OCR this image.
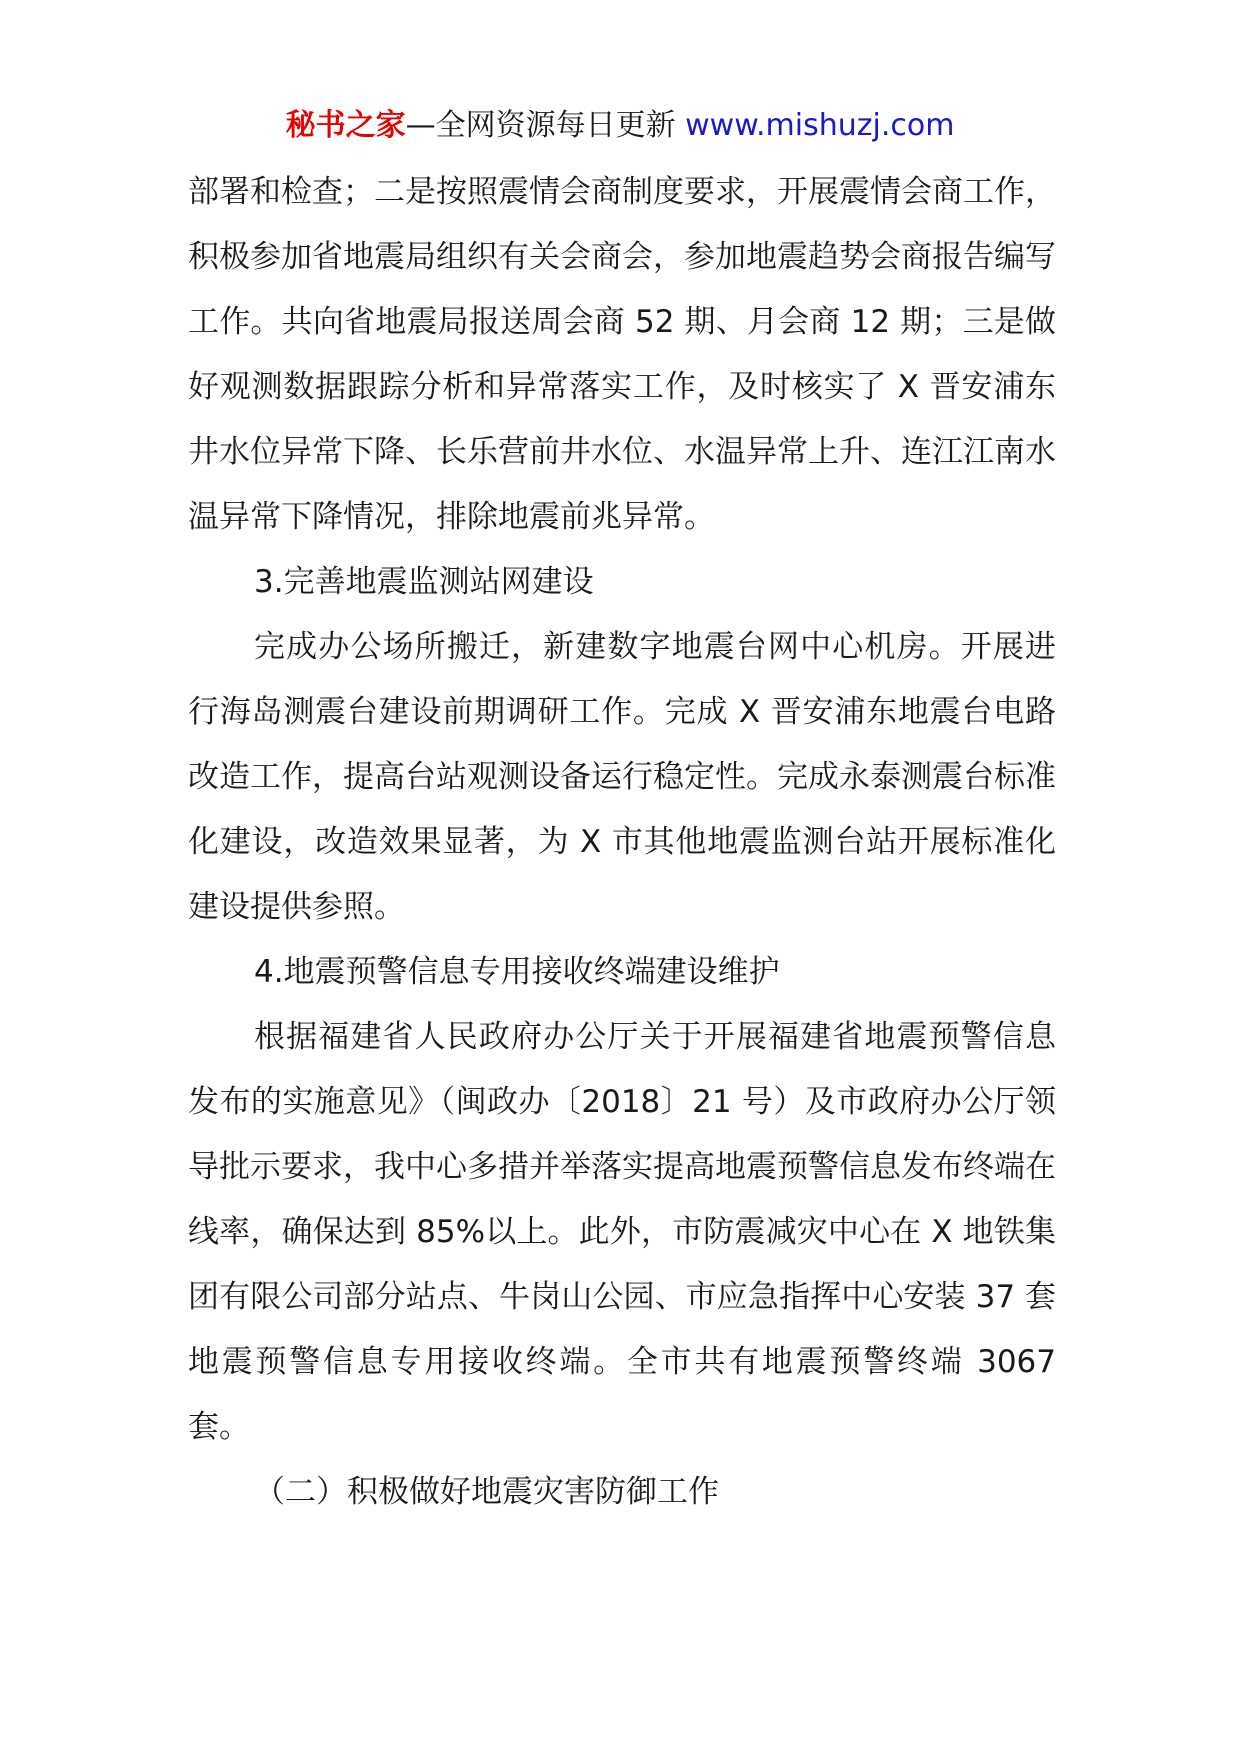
秘书之家—全网资源每日更新 www.mishuzj.com

部署和检查；二是按照震情会商制度要求，开展震情会商工作，积极参加省地震局组织有关会商会，参加地震趋势会商报告编写工作。共向省地震局报送周会商 52 期、月会商 12 期；三是做好观测数据跟踪分析和异常落实工作，及时核实了 X 晋安浦东井水位异常下降、长乐营前井水位、水温异常上升、连江江南水温异常下降情况，排除地震前兆异常。

3.完善地震监测站网建设

完成办公场所搬迁，新建数字地震台网中心机房。开展进行海岛测震台建设前期调研工作。完成 X 晋安浦东地震台电路改造工作，提高台站观测设备运行稳定性。完成永泰测震台标准化建设，改造效果显著，为 X 市其他地震监测台站开展标准化建设提供参照。

4.地震预警信息专用接收终端建设维护

根据福建省人民政府办公厅关于开展福建省地震预警信息发布的实施意见》（闽政办〔2018〕21 号）及市政府办公厅领导批示要求，我中心多措并举落实提高地震预警信息发布终端在线率，确保达到 85%以上。此外，市防震减灾中心在 X 地铁集团有限公司部分站点、牛岗山公园、市应急指挥中心安装 37 套地震预警信息专用接收终端。全市共有地震预警终端 3067 套。

（二）积极做好地震灾害防御工作
